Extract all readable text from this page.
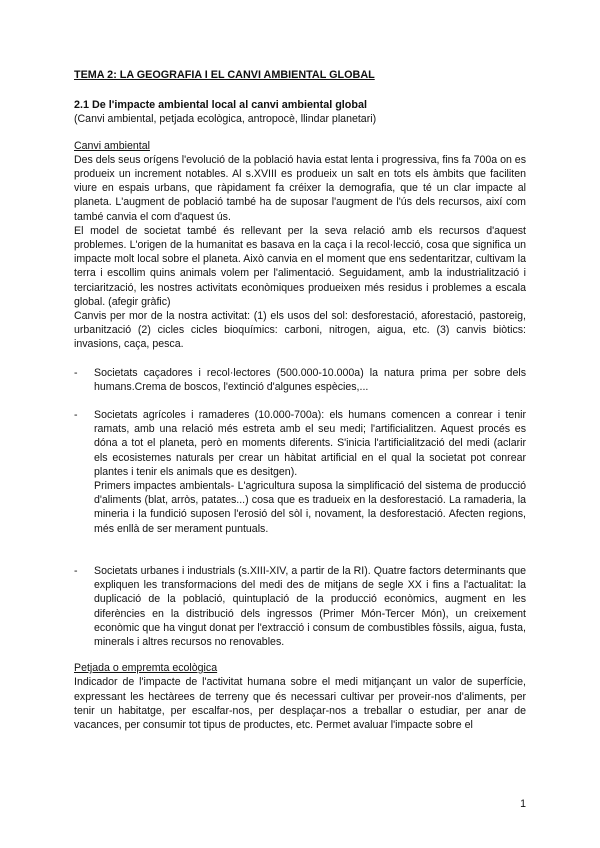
TEMA 2: LA GEOGRAFIA I EL CANVI AMBIENTAL GLOBAL

2.1 De l'impacte ambiental local al canvi ambiental global

(Canvi ambiental, petjada ecològica, antropocè, llindar planetari)

Canvi ambiental

Des dels seus orígens l'evolució de la població havia estat lenta i progressiva, fins fa 700a on es produeix un increment notables. Al s.XVIII es produeix un salt en tots els àmbits que faciliten viure en espais urbans, que ràpidament fa créixer la demografia, que té un clar impacte al planeta. L'augment de població també ha de suposar l'augment de l'ús dels recursos, així com també canvia el com d'aquest ús.

El model de societat també és rellevant per la seva relació amb els recursos d'aquest problemes. L'origen de la humanitat es basava en la caça i la recol·lecció, cosa que significa un impacte molt local sobre el planeta. Això canvia en el moment que ens sedentaritzar, cultivam la terra i escollim quins animals volem per l'alimentació. Seguidament, amb la industrialització i terciarització, les nostres activitats econòmiques produeixen més residus i problemes a escala global. (afegir gràfic)

Canvis per mor de la nostra activitat: (1) els usos del sol: desforestació, aforestació, pastoreig, urbanització (2) cicles cicles bioquímics: carboni, nitrogen, aigua, etc. (3) canvis biòtics: invasions, caça, pesca.

- Societats caçadores i recol·lectores (500.000-10.000a) la natura prima per sobre dels humans.Crema de boscos, l'extinció d'algunes espècies,...

- Societats agrícoles i ramaderes (10.000-700a): els humans comencen a conrear i tenir ramats, amb una relació més estreta amb el seu medi; l'artificialitzen. Aquest procés es dóna a tot el planeta, però en moments diferents. S'inicia l'artificialització del medi (aclarir els ecosistemes naturals per crear un hàbitat artificial en el qual la societat pot conrear plantes i tenir els animals que es desitgen).

Primers impactes ambientals- L'agricultura suposa la simplificació del sistema de producció d'aliments (blat, arròs, patates...) cosa que es tradueix en la desforestació. La ramaderia, la mineria i la fundició suposen l'erosió del sòl i, novament, la desforestació. Afecten regions, més enllà de ser merament puntuals.

- Societats urbanes i industrials (s.XIII-XIV, a partir de la RI). Quatre factors determinants que expliquen les transformacions del medi des de mitjans de segle XX i fins a l'actualitat: la duplicació de la població, quintuplació de la producció econòmics, augment en les diferències en la distribució dels ingressos (Primer Món-Tercer Món), un creixement econòmic que ha vingut donat per l'extracció i consum de combustibles fòssils, aigua, fusta, minerals i altres recursos no renovables.

Petjada o empremta ecològica

Indicador de l'impacte de l'activitat humana sobre el medi mitjançant un valor de superfície, expressant les hectàrees de terreny que és necessari cultivar per proveir-nos d'aliments, per tenir un habitatge, per escalfar-nos, per desplaçar-nos a treballar o estudiar, per anar de vacances, per consumir tot tipus de productes, etc. Permet avaluar l'impacte sobre el

1
